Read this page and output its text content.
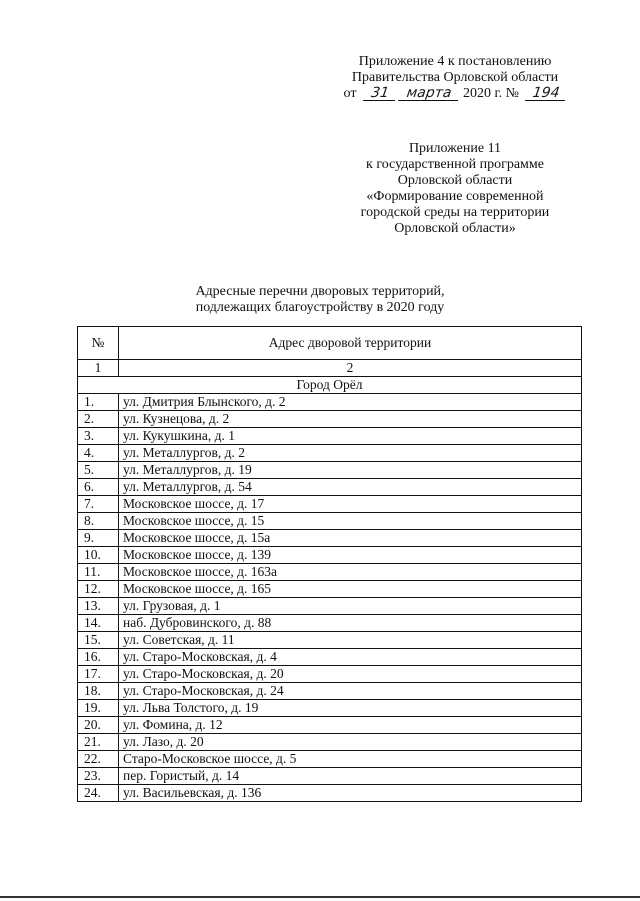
Приложение 4 к постановлению
Правительства Орловской области
от 31 марта 2020 г. № 194
Приложение 11
к государственной программе
Орловской области
«Формирование современной
городской среды на территории
Орловской области»
Адресные перечни дворовых территорий,
подлежащих благоустройству в 2020 году
№	Адрес дворовой территории
1	2
Город Орёл	
1.	ул. Дмитрия Блынского, д. 2
2.	ул. Кузнецова, д. 2
3.	ул. Кукушкина, д. 1
4.	ул. Металлургов, д. 2
5.	ул. Металлургов, д. 19
6.	ул. Металлургов, д. 54
7.	Московское шоссе, д. 17
8.	Московское шоссе, д. 15
9.	Московское шоссе, д. 15а
10.	Московское шоссе, д. 139
11.	Московское шоссе, д. 163а
12.	Московское шоссе, д. 165
13.	ул. Грузовая, д. 1
14.	наб. Дубровинского, д. 88
15.	ул. Советская, д. 11
16.	ул. Старо-Московская, д. 4
17.	ул. Старо-Московская, д. 20
18.	ул. Старо-Московская, д. 24
19.	ул. Льва Толстого, д. 19
20.	ул. Фомина, д. 12
21.	ул. Лазо, д. 20
22.	Старо-Московское шоссе, д. 5
23.	пер. Гористый, д. 14
24.	ул. Васильевская, д. 136
